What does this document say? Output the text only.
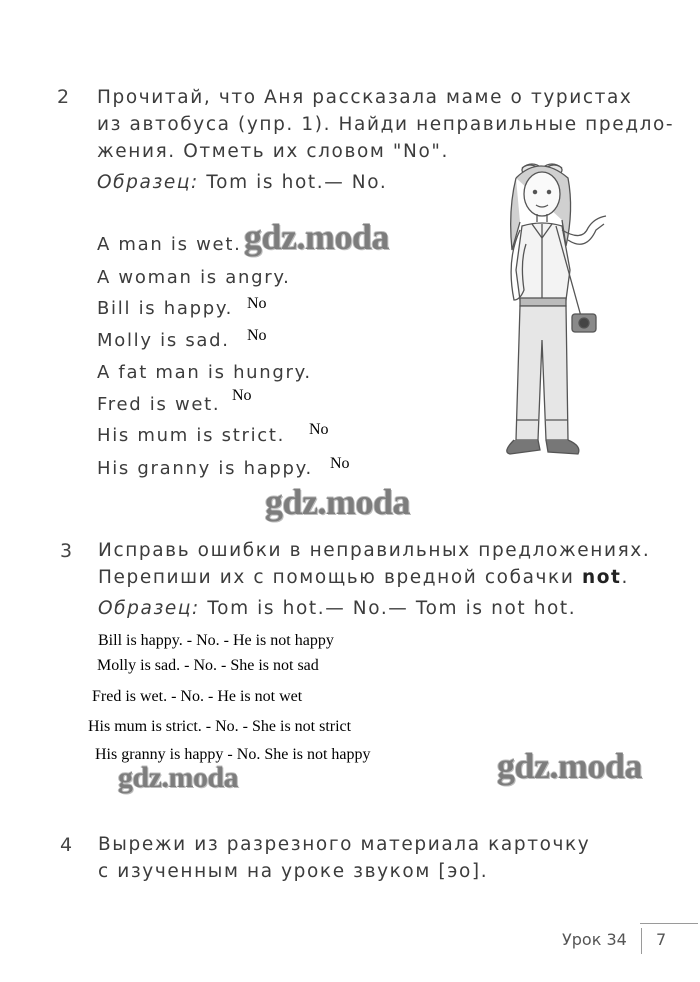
2 Прочитай, что Аня рассказала маме о туристах
из автобуса (упр. 1). Найди неправильные предло-
жения. Отметь их словом "No".
Образец: Tom is hot.— No.
A man is wet.
A woman is angry.
Bill is happy. No
Molly is sad. No
A fat man is hungry.
Fred is wet. No
His mum is strict. No
His granny is happy. No
3 Исправь ошибки в неправильных предложениях.
Перепиши их с помощью вредной собачки not.
Образец: Tom is hot.— No.— Tom is not hot.
Bill is happy. - No. - He is not happy
Molly is sad. - No. - She is not sad
Fred is wet. - No. - He is not wet
His mum is strict. - No. - She is not strict
His granny is happy - No. She is not happy
4 Вырежи из разрезного материала карточку
с изученным на уроке звуком [эо].
Урок 34 7
gdz.moda
gdz.moda
gdz.moda	gdz.moda
